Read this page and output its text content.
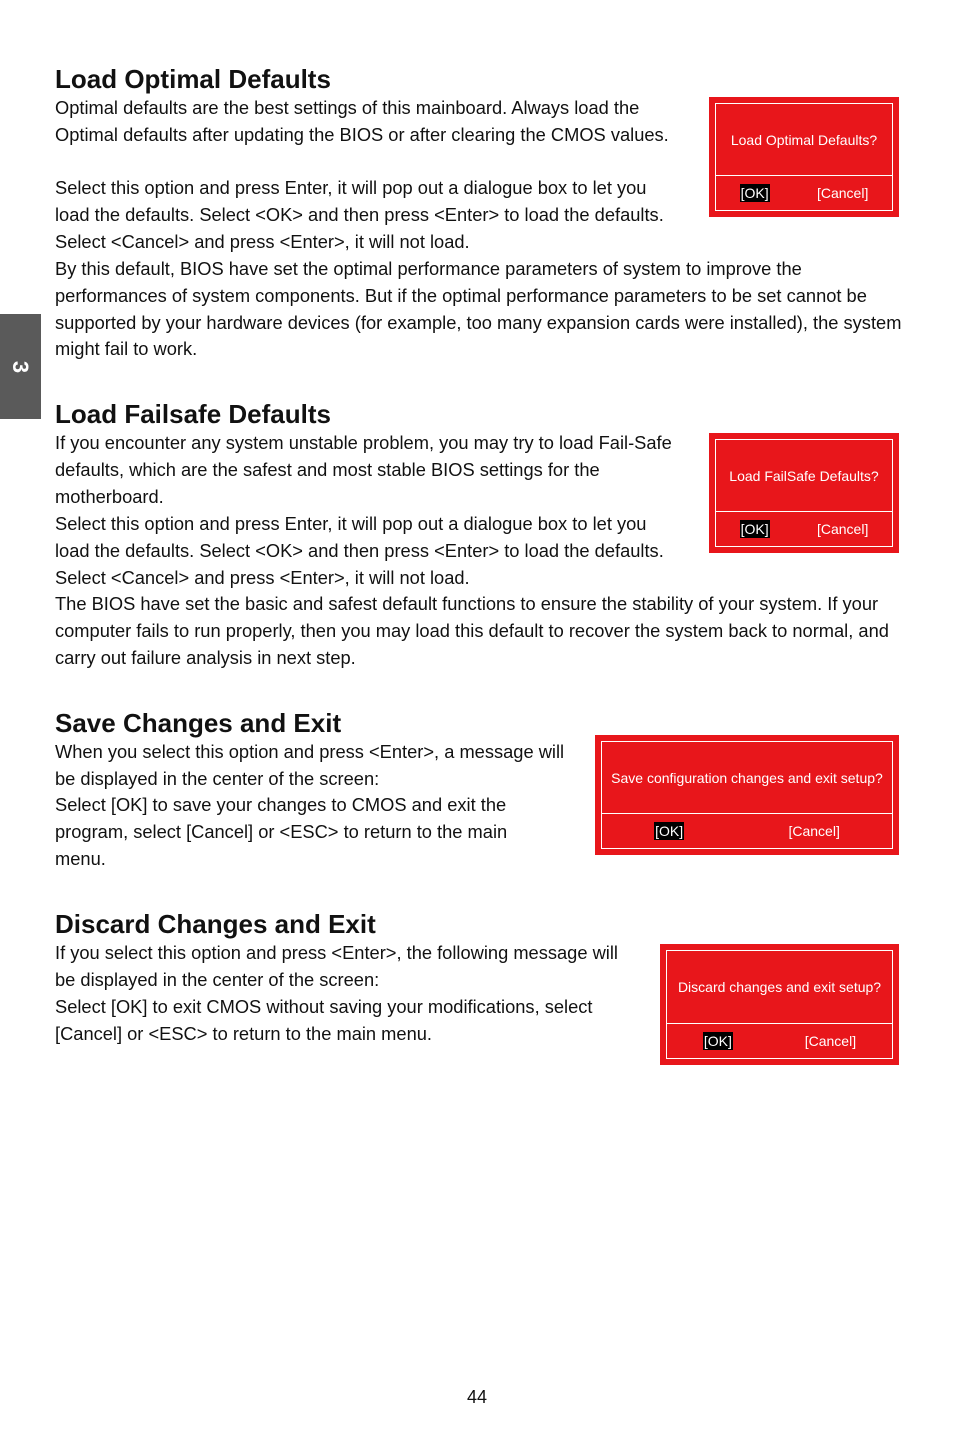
3
Load Optimal Defaults

Optimal defaults are the best settings of this mainboard. Always load the Optimal defaults after updating the BIOS or after clearing the CMOS values.

Select this option and press Enter, it will pop out a dialogue box to let you load the defaults. Select <OK> and then press <Enter> to load the defaults. Select <Cancel> and press <Enter>, it will not load.

By this default, BIOS have set the optimal performance parameters of system to improve the performances of system components. But if the optimal performance parameters to be set cannot be supported by your hardware devices (for example, too many expansion cards were installed), the system might fail to work.

Load Optimal Defaults?
[OK]	[Cancel]
Load Failsafe Defaults

If you encounter any system unstable problem, you may try to load Fail-Safe defaults, which are the safest and most stable BIOS settings for the motherboard.

Select this option and press Enter, it will pop out a dialogue box to let you load the defaults. Select <OK> and then press <Enter> to load the defaults. Select <Cancel> and press <Enter>, it will not load.

The BIOS have set the basic and safest default functions to ensure the stability of your system. If your computer fails to run properly, then you may load this default to recover the system back to normal, and carry out failure analysis in next step.

Load FailSafe Defaults?
[OK]	[Cancel]
Save Changes and Exit

When you select this option and press <Enter>, a message will be displayed in the center of the screen:

Select [OK] to save your changes to CMOS and exit the program, select [Cancel] or <ESC> to return to the main menu.

Save configuration changes and exit setup?
[OK]	[Cancel]
Discard Changes and Exit

If you select this option and press <Enter>, the following message will be displayed in the center of the screen:

Select [OK] to exit CMOS without saving your modifications, select [Cancel] or <ESC> to return to the main menu.

Discard changes and exit setup?
[OK]	[Cancel]
44
